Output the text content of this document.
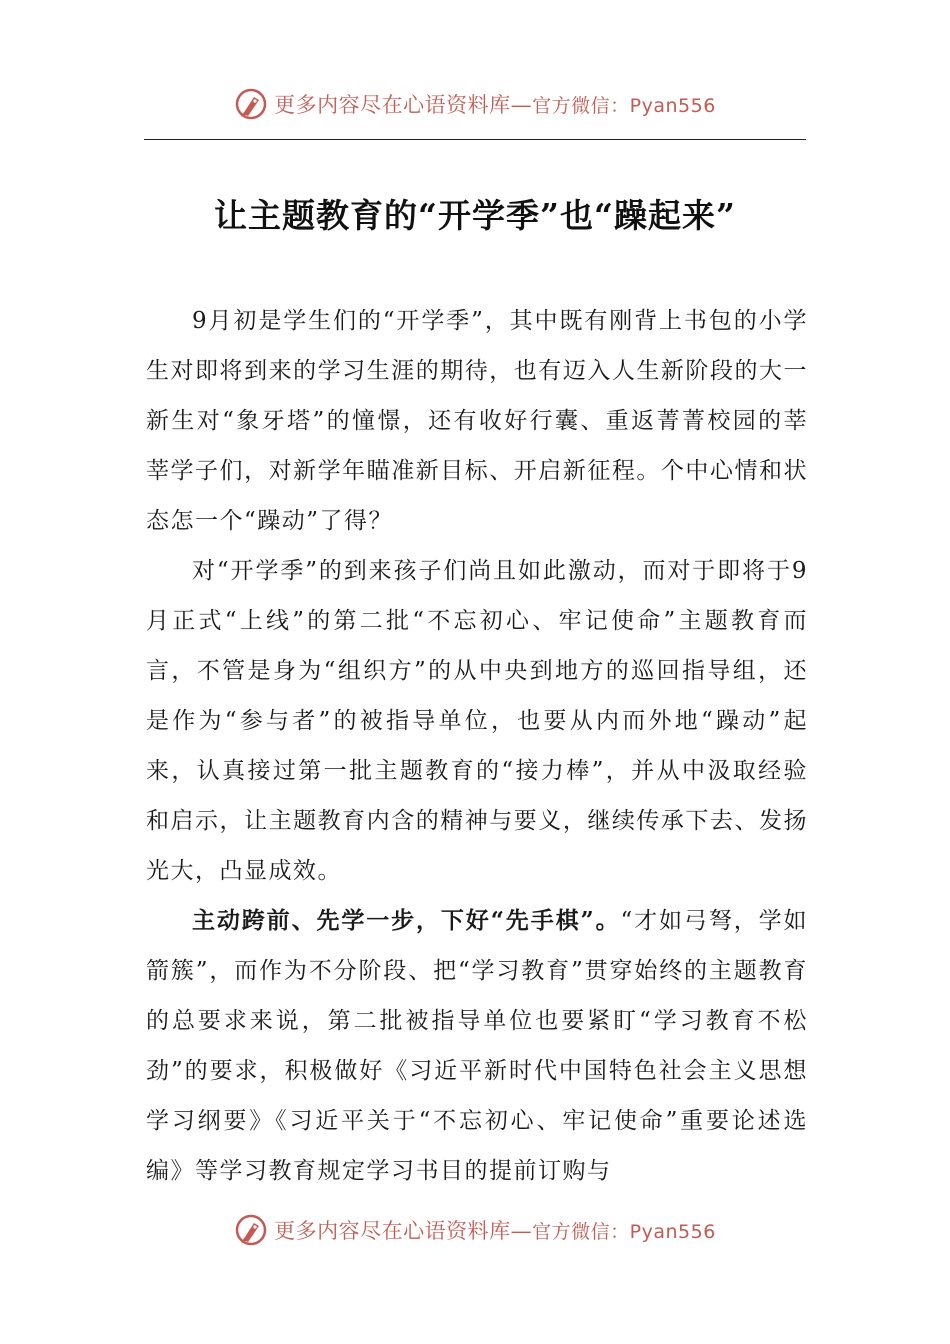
更多内容尽在心语资料库—官方微信：Pyan556
让主题教育的“开学季”也“躁起来”

9月初是学生们的“开学季”，其中既有刚背上书包的小学生对即将到来的学习生涯的期待，也有迈入人生新阶段的大一新生对“象牙塔”的憧憬，还有收好行囊、重返菁菁校园的莘莘学子们，对新学年瞄准新目标、开启新征程。个中心情和状态怎一个“躁动”了得？

对“开学季”的到来孩子们尚且如此激动，而对于即将于9月正式“上线”的第二批“不忘初心、牢记使命”主题教育而言，不管是身为“组织方”的从中央到地方的巡回指导组，还是作为“参与者”的被指导单位，也要从内而外地“躁动”起来，认真接过第一批主题教育的“接力棒”，并从中汲取经验和启示，让主题教育内含的精神与要义，继续传承下去、发扬光大，凸显成效。

主动跨前、先学一步，下好“先手棋”。“才如弓弩，学如箭簇”，而作为不分阶段、把“学习教育”贯穿始终的主题教育的总要求来说，第二批被指导单位也要紧盯“学习教育不松劲”的要求，积极做好《习近平新时代中国特色社会主义思想学习纲要》《习近平关于“不忘初心、牢记使命”重要论述选编》等学习教育规定学习书目的提前订购与

更多内容尽在心语资料库—官方微信：Pyan556
